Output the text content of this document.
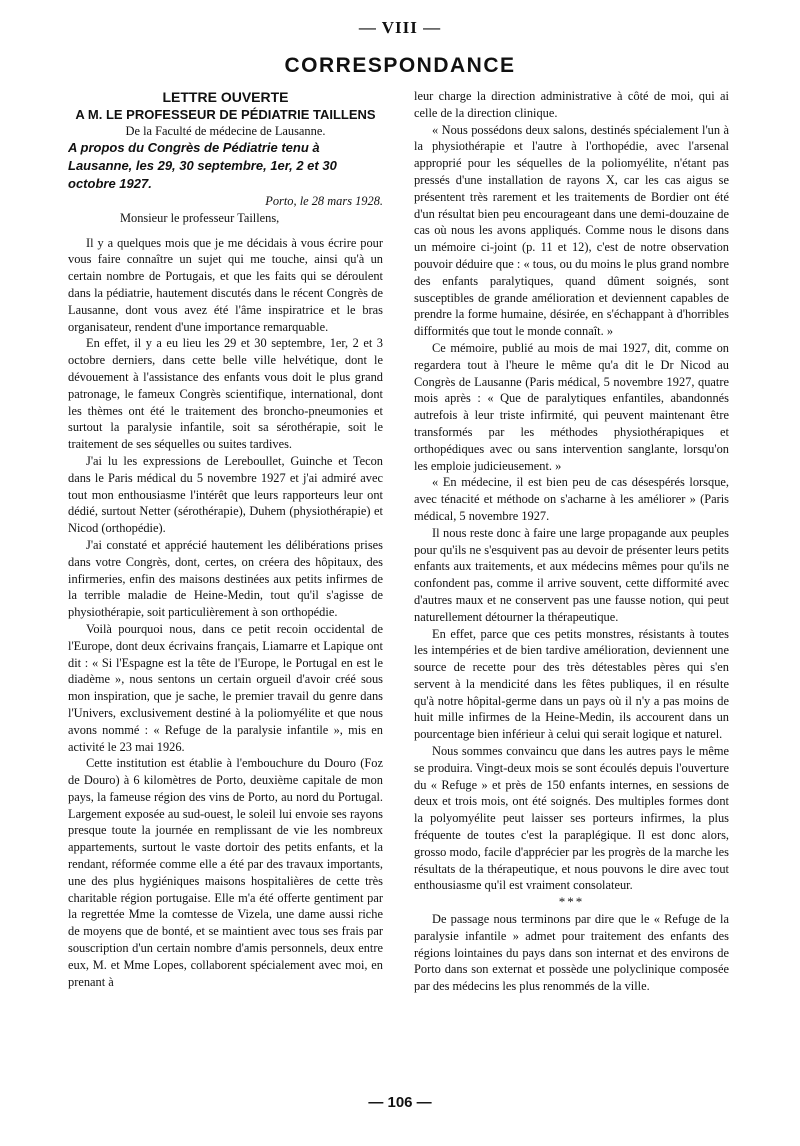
— VIII —
CORRESPONDANCE

LETTRE OUVERTE

A M. LE PROFESSEUR DE PÉDIATRIE TAILLENS

De la Faculté de médecine de Lausanne.

A propos du Congrès de Pédiatrie tenu à Lausanne, les 29, 30 septembre, 1er, 2 et 30 octobre 1927.

Porto, le 28 mars 1928.

Monsieur le professeur Taillens,

Il y a quelques mois que je me décidais à vous écrire pour vous faire connaître un sujet qui me touche, ainsi qu'à un certain nombre de Portugais, et que les faits qui se déroulent dans la pédiatrie, hautement discutés dans le récent Congrès de Lausanne, dont vous avez été l'âme inspiratrice et le bras organisateur, rendent d'une importance remarquable.

En effet, il y a eu lieu les 29 et 30 septembre, 1er, 2 et 3 octobre derniers, dans cette belle ville helvétique, dont le dévouement à l'assistance des enfants vous doit le plus grand patronage, le fameux Congrès scientifique, international, dont les thèmes ont été le traitement des broncho-pneumonies et surtout la paralysie infantile, soit sa sérothérapie, soit le traitement de ses séquelles ou suites tardives.

J'ai lu les expressions de Lereboullet, Guinche et Tecon dans le Paris médical du 5 novembre 1927 et j'ai admiré avec tout mon enthousiasme l'intérêt que leurs rapporteurs leur ont dédié, surtout Netter (sérothérapie), Duhem (physiothérapie) et Nicod (orthopédie).

J'ai constaté et apprécié hautement les délibérations prises dans votre Congrès, dont, certes, on créera des hôpitaux, des infirmeries, enfin des maisons destinées aux petits infirmes de la terrible maladie de Heine-Medin, tout qu'il s'agisse de physiothérapie, soit particulièrement à son orthopédie.

Voilà pourquoi nous, dans ce petit recoin occidental de l'Europe, dont deux écrivains français, Liamarre et Lapique ont dit : « Si l'Espagne est la tête de l'Europe, le Portugal en est le diadème », nous sentons un certain orgueil d'avoir créé sous mon inspiration, que je sache, le premier travail du genre dans l'Univers, exclusivement destiné à la poliomyélite et que nous avons nommé : « Refuge de la paralysie infantile », mis en activité le 23 mai 1926.

Cette institution est établie à l'embouchure du Douro (Foz de Douro) à 6 kilomètres de Porto, deuxième capitale de mon pays, la fameuse région des vins de Porto, au nord du Portugal. Largement exposée au sud-ouest, le soleil lui envoie ses rayons presque toute la journée en remplissant de vie les nombreux appartements, surtout le vaste dortoir des petits enfants, et la rendant, réformée comme elle a été par des travaux importants, une des plus hygiéniques maisons hospitalières de cette très charitable région portugaise. Elle m'a été offerte gentiment par la regrettée Mme la comtesse de Vizela, une dame aussi riche de moyens que de bonté, et se maintient avec tous ses frais par souscription d'un certain nombre d'amis personnels, deux entre eux, M. et Mme Lopes, collaborent spécialement avec moi, en prenant à

leur charge la direction administrative à côté de moi, qui ai celle de la direction clinique.

« Nous possédons deux salons, destinés spécialement l'un à la physiothérapie et l'autre à l'orthopédie, avec l'arsenal approprié pour les séquelles de la poliomyélite, n'étant pas pressés d'une installation de rayons X, car les cas aigus se présentent très rarement et les traitements de Bordier ont été d'un résultat bien peu encourageant dans une demi-douzaine de cas où nous les avons appliqués. Comme nous le disons dans un mémoire ci-joint (p. 11 et 12), c'est de notre observation pouvoir déduire que : « tous, ou du moins le plus grand nombre des enfants paralytiques, quand dûment soignés, sont susceptibles de grande amélioration et deviennent capables de prendre la forme humaine, désirée, en s'échappant à d'horribles difformités que tout le monde connaît. »

Ce mémoire, publié au mois de mai 1927, dit, comme on regardera tout à l'heure le même qu'a dit le Dr Nicod au Congrès de Lausanne (Paris médical, 5 novembre 1927, quatre mois après : « Que de paralytiques enfantiles, abandonnés autrefois à leur triste infirmité, qui peuvent maintenant être transformés par les méthodes physiothérapiques et orthopédiques avec ou sans intervention sanglante, lorsqu'on les emploie judicieusement. »

« En médecine, il est bien peu de cas désespérés lorsque, avec ténacité et méthode on s'acharne à les améliorer » (Paris médical, 5 novembre 1927.

Il nous reste donc à faire une large propagande aux peuples pour qu'ils ne s'esquivent pas au devoir de présenter leurs petits enfants aux traitements, et aux médecins mêmes pour qu'ils ne confondent pas, comme il arrive souvent, cette difformité avec d'autres maux et ne conservent pas une fausse notion, qui peut naturellement détourner la thérapeutique.

En effet, parce que ces petits monstres, résistants à toutes les intempéries et de bien tardive amélioration, deviennent une source de recette pour des très détestables pères qui s'en servent à la mendicité dans les fêtes publiques, il en résulte qu'à notre hôpital-germe dans un pays où il n'y a pas moins de huit mille infirmes de la Heine-Medin, ils accourent dans un pourcentage bien inférieur à celui qui serait logique et naturel.

Nous sommes convaincu que dans les autres pays le même se produira. Vingt-deux mois se sont écoulés depuis l'ouverture du « Refuge » et près de 150 enfants internes, en sessions de deux et trois mois, ont été soignés. Des multiples formes dont la polyomyélite peut laisser ses porteurs infirmes, la plus fréquente de toutes c'est la paraplégique. Il est donc alors, grosso modo, facile d'apprécier par les progrès de la marche les résultats de la thérapeutique, et nous pouvons le dire avec tout enthousiasme qu'il est vraiment consolateur.

***

De passage nous terminons par dire que le « Refuge de la paralysie infantile » admet pour traitement des enfants des régions lointaines du pays dans son internat et des environs de Porto dans son externat et possède une polyclinique composée par des médecins les plus renommés de la ville.

— 106 —
